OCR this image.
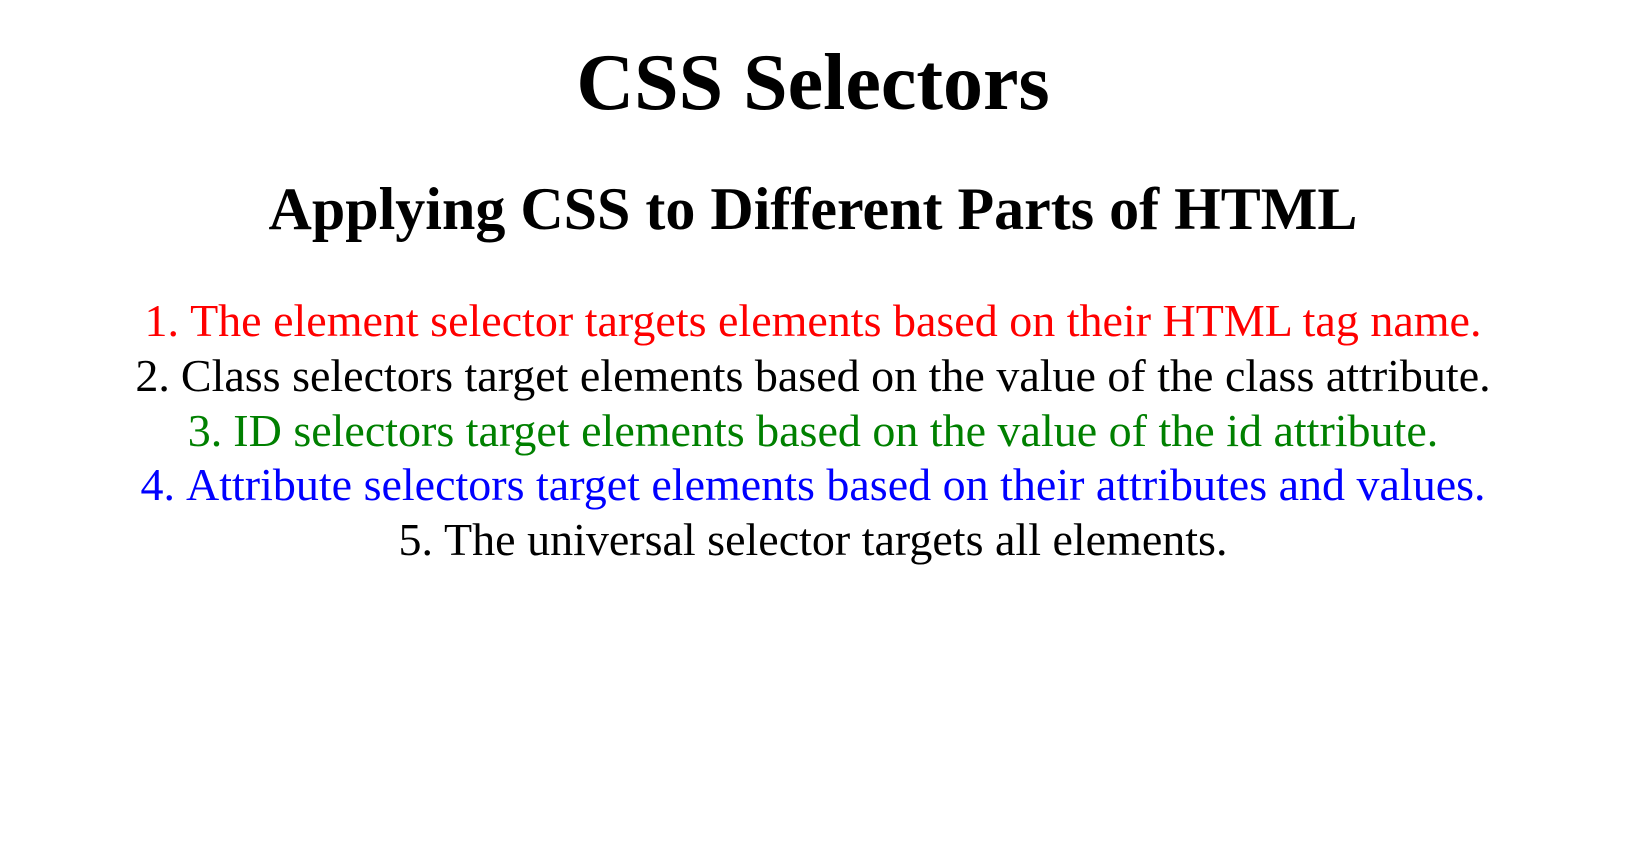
CSS Selectors
Applying CSS to Different Parts of HTML
1. The element selector targets elements based on their HTML tag name.
2. Class selectors target elements based on the value of the class attribute.
3. ID selectors target elements based on the value of the id attribute.
4. Attribute selectors target elements based on their attributes and values.
5. The universal selector targets all elements.
